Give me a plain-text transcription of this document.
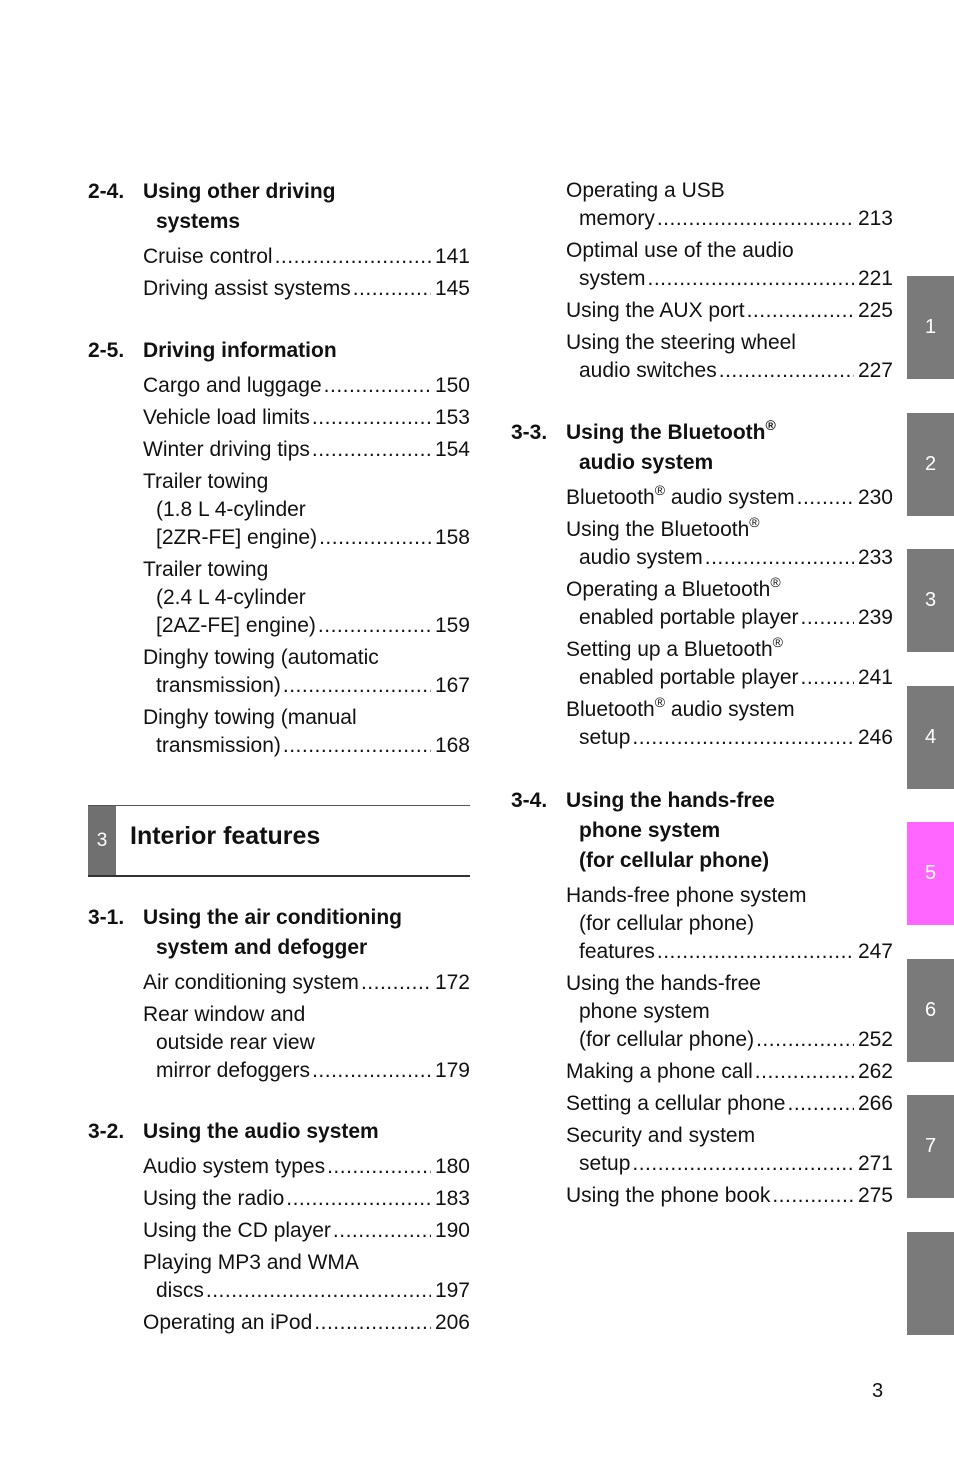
2-4. Using other driving
systems
Cruise control .....	141
Driving assist systems .....	145
2-5. Driving information
Cargo and luggage .....	150
Vehicle load limits .....	153
Winter driving tips .....	154
Trailer towing
(1.8 L 4-cylinder
[2ZR-FE] engine) .....	158
Trailer towing
(2.4 L 4-cylinder
[2AZ-FE] engine) .....	159
Dinghy towing (automatic
transmission) .....	167
Dinghy towing (manual
transmission) .....	168
3 Interior features
3-1. Using the air conditioning
system and defogger
Air conditioning system .....	172
Rear window and
outside rear view
mirror defoggers .....	179
3-2. Using the audio system
Audio system types .....	180
Using the radio .....	183
Using the CD player .....	190
Playing MP3 and WMA
discs .....	197
Operating an iPod .....	206
Operating a USB
memory .....	213
Optimal use of the audio
system .....	221
Using the AUX port .....	225
Using the steering wheel
audio switches .....	227
3-3. Using the Bluetooth®
audio system
Bluetooth® audio system .....	230
Using the Bluetooth®
audio system .....	233
Operating a Bluetooth®
enabled portable player .....	239
Setting up a Bluetooth®
enabled portable player .....	241
Bluetooth® audio system
setup .....	246
3-4. Using the hands-free
phone system
(for cellular phone)
Hands-free phone system
(for cellular phone)
features .....	247
Using the hands-free
phone system
(for cellular phone) .....	252
Making a phone call .....	262
Setting a cellular phone .....	266
Security and system
setup .....	271
Using the phone book .....	275
1
2
3
4
5
6
7
3
